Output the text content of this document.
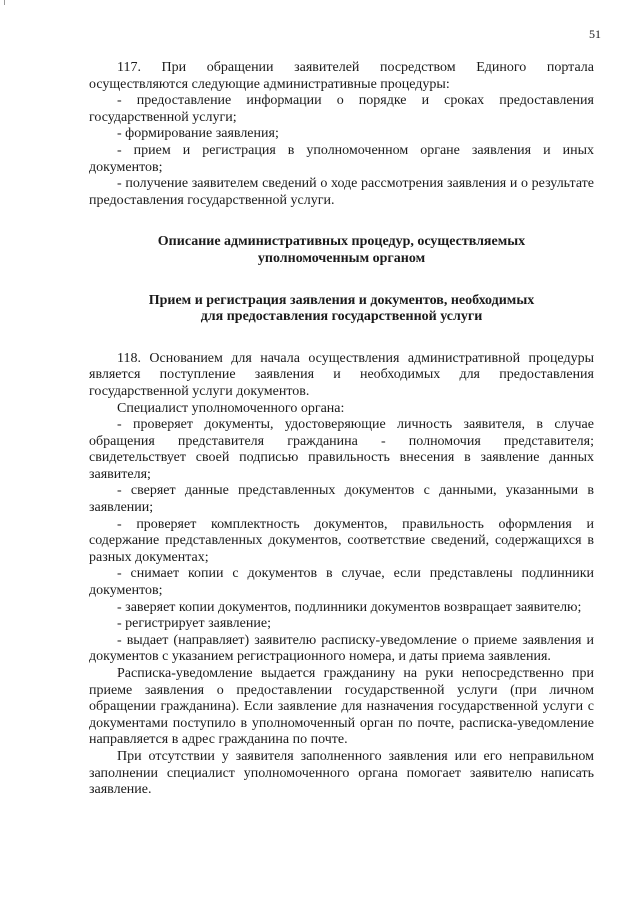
51

117. При обращении заявителей посредством Единого портала

осуществляются следующие административные процедуры:

- предоставление информации о порядке и сроках предоставления государственной услуги;

- формирование заявления;

- прием и регистрация в уполномоченном органе заявления и иных документов;

- получение заявителем сведений о ходе рассмотрения заявления и о результате предоставления государственной услуги.

Описание административных процедур, осуществляемых

уполномоченным органом

Прием и регистрация заявления и документов, необходимых

для предоставления государственной услуги

118. Основанием для начала осуществления административной процедуры является поступление заявления и необходимых для предоставления государственной услуги документов.

Специалист уполномоченного органа:

- проверяет документы, удостоверяющие личность заявителя, в случае обращения представителя гражданина - полномочия представителя; свидетельствует своей подписью правильность внесения в заявление данных заявителя;

- сверяет данные представленных документов с данными, указанными в заявлении;

- проверяет комплектность документов, правильность оформления и содержание представленных документов, соответствие сведений, содержащихся в разных документах;

- снимает копии с документов в случае, если представлены подлинники документов;

- заверяет копии документов, подлинники документов возвращает заявителю;

- регистрирует заявление;

- выдает (направляет) заявителю расписку-уведомление о приеме заявления и документов с указанием регистрационного номера, и даты приема заявления.

Расписка-уведомление выдается гражданину на руки непосредственно при приеме заявления о предоставлении государственной услуги (при личном обращении гражданина). Если заявление для назначения государственной услуги с документами поступило в уполномоченный орган по почте, расписка-уведомление направляется в адрес гражданина по почте.

При отсутствии у заявителя заполненного заявления или его неправильном заполнении специалист уполномоченного органа помогает заявителю написать заявление.
